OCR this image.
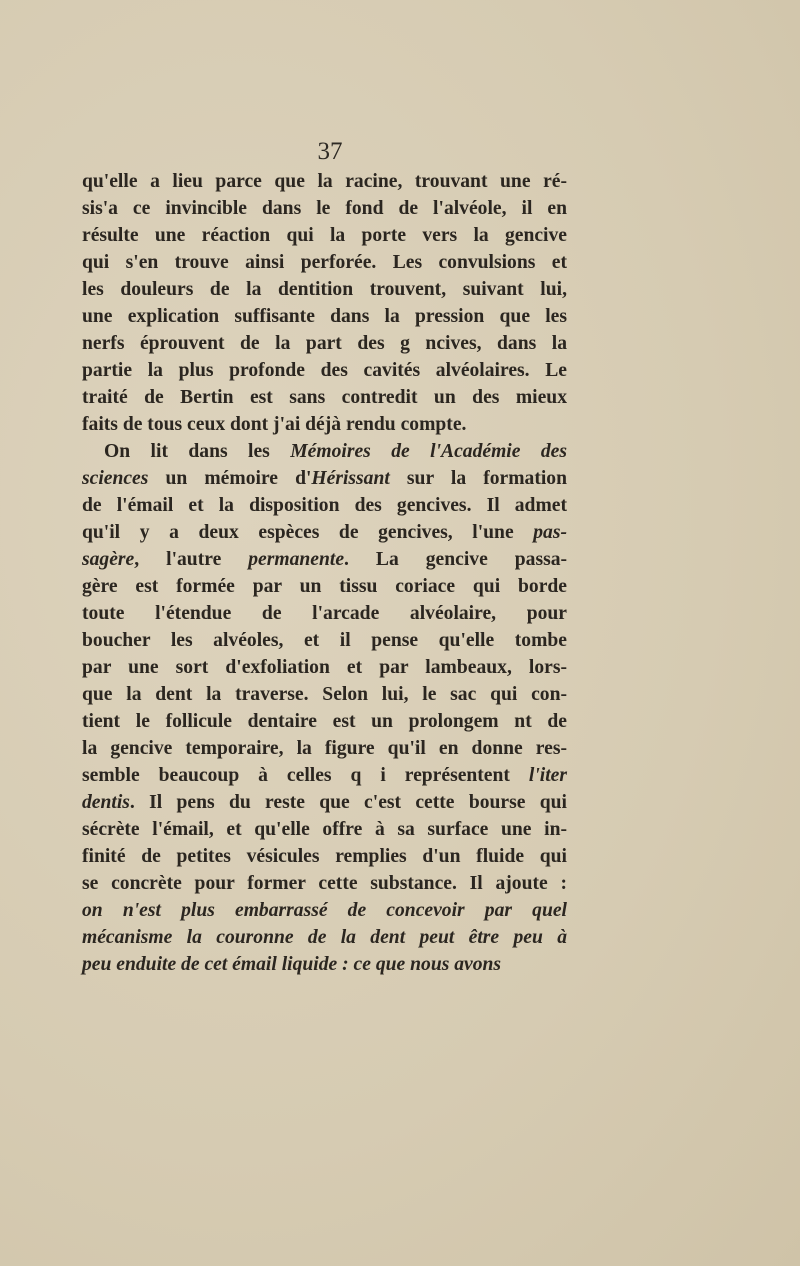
37
qu'elle a lieu parce que la racine, trouvant une ré-
sis'a ce invincible dans le fond de l'alvéole, il en
résulte une réaction qui la porte vers la gencive
qui s'en trouve ainsi perforée. Les convulsions et
les douleurs de la dentition trouvent, suivant lui,
une explication suffisante dans la pression que les
nerfs éprouvent de la part des g ncives, dans la
partie la plus profonde des cavités alvéolaires. Le
traité de Bertin est sans contredit un des mieux
faits de tous ceux dont j'ai déjà rendu compte.
On lit dans les Mémoires de l'Académie des
sciences un mémoire d'Hérissant sur la formation
de l'émail et la disposition des gencives. Il admet
qu'il y a deux espèces de gencives, l'une pas-
sagère, l'autre permanente. La gencive passa-
gère est formée par un tissu coriace qui borde
toute l'étendue de l'arcade alvéolaire, pour
boucher les alvéoles, et il pense qu'elle tombe
par une sort d'exfoliation et par lambeaux, lors-
que la dent la traverse. Selon lui, le sac qui con-
tient le follicule dentaire est un prolongem nt de
la gencive temporaire, la figure qu'il en donne res-
semble beaucoup à celles q i représentent l'iter
dentis. Il pens du reste que c'est cette bourse qui
sécrète l'émail, et qu'elle offre à sa surface une in-
finité de petites vésicules remplies d'un fluide qui
se concrète pour former cette substance. Il ajoute :
on n'est plus embarrassé de concevoir par quel
mécanisme la couronne de la dent peut être peu à
peu enduite de cet émail liquide : ce que nous avons
